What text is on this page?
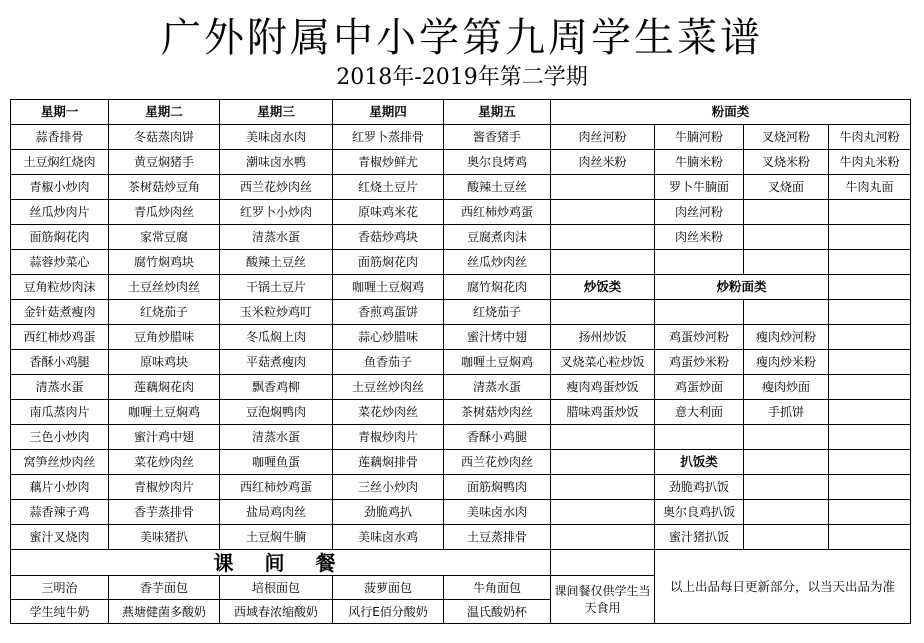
广外附属中小学第九周学生菜谱
2018年-2019年第二学期
星期一	星期二	星期三	星期四	星期五	粉面类			
蒜香排骨	冬菇蒸肉饼	美味卤水肉	红罗卜蒸排骨	酱香猪手	肉丝河粉	牛腩河粉	叉烧河粉	牛肉丸河粉
土豆焖红烧肉	黄豆焖猪手	潮味卤水鸭	青椒炒鲜尤	奥尔良烤鸡	肉丝米粉	牛腩米粉	叉烧米粉	牛肉丸米粉
青椒小炒肉	茶树菇炒豆角	西兰花炒肉丝	红烧土豆片	酸辣土豆丝		罗卜牛腩面	叉烧面	牛肉丸面
丝瓜炒肉片	青瓜炒肉丝	红罗卜小炒肉	原味鸡米花	西红柿炒鸡蛋		肉丝河粉		
面筋焖花肉	家常豆腐	清蒸水蛋	香菇炒鸡块	豆腐煮肉沫		肉丝米粉		
蒜蓉炒菜心	腐竹焖鸡块	酸辣土豆丝	面筋焖花肉	丝瓜炒肉丝				
豆角粒炒肉沫	土豆丝炒肉丝	干锅土豆片	咖喱土豆焖鸡	腐竹焖花肉	炒饭类	炒粉面类		
金针菇煮瘦肉	红烧茄子	玉米粒炒鸡叮	香煎鸡蛋饼	红烧茄子				
西红柿炒鸡蛋	豆角炒腊味	冬瓜焖上肉	蒜心炒腊味	蜜汁烤中翅	扬州炒饭	鸡蛋炒河粉	瘦肉炒河粉	
香酥小鸡腿	原味鸡块	平菇煮瘦肉	鱼香茄子	咖喱土豆焖鸡	叉烧菜心粒炒饭	鸡蛋炒米粉	瘦肉炒米粉	
清蒸水蛋	莲藕焖花肉	飘香鸡柳	土豆丝炒肉丝	清蒸水蛋	瘦肉鸡蛋炒饭	鸡蛋炒面	瘦肉炒面	
南瓜蒸肉片	咖喱土豆焖鸡	豆泡焖鸭肉	菜花炒肉丝	茶树菇炒肉丝	腊味鸡蛋炒饭	意大利面	手抓饼	
三色小炒肉	蜜汁鸡中翅	清蒸水蛋	青椒炒肉片	香酥小鸡腿				
窝笋丝炒肉丝	菜花炒肉丝	咖喱鱼蛋	莲藕焖排骨	西兰花炒肉丝		扒饭类		
藕片小炒肉	青椒炒肉片	西红柿炒鸡蛋	三丝小炒肉	面筋焖鸭肉		劲脆鸡扒饭		
蒜香辣子鸡	香芋蒸排骨	盐局鸡肉丝	劲脆鸡扒	美味卤水肉		奥尔良鸡扒饭		
蜜汁叉烧肉	美味猪扒	土豆焖牛腩	美味卤水鸡	土豆蒸排骨		蜜汁猪扒饭		
课 间 餐						以上出品每日更新部分，以当天出品为准		
三明治	香芋面包	培根面包	菠萝面包	牛角面包	课间餐仅供学生当天食用			
学生纯牛奶	燕塘健菌多酸奶	西域春浓缩酸奶	风行E佰分酸奶	温氏酸奶杯				
